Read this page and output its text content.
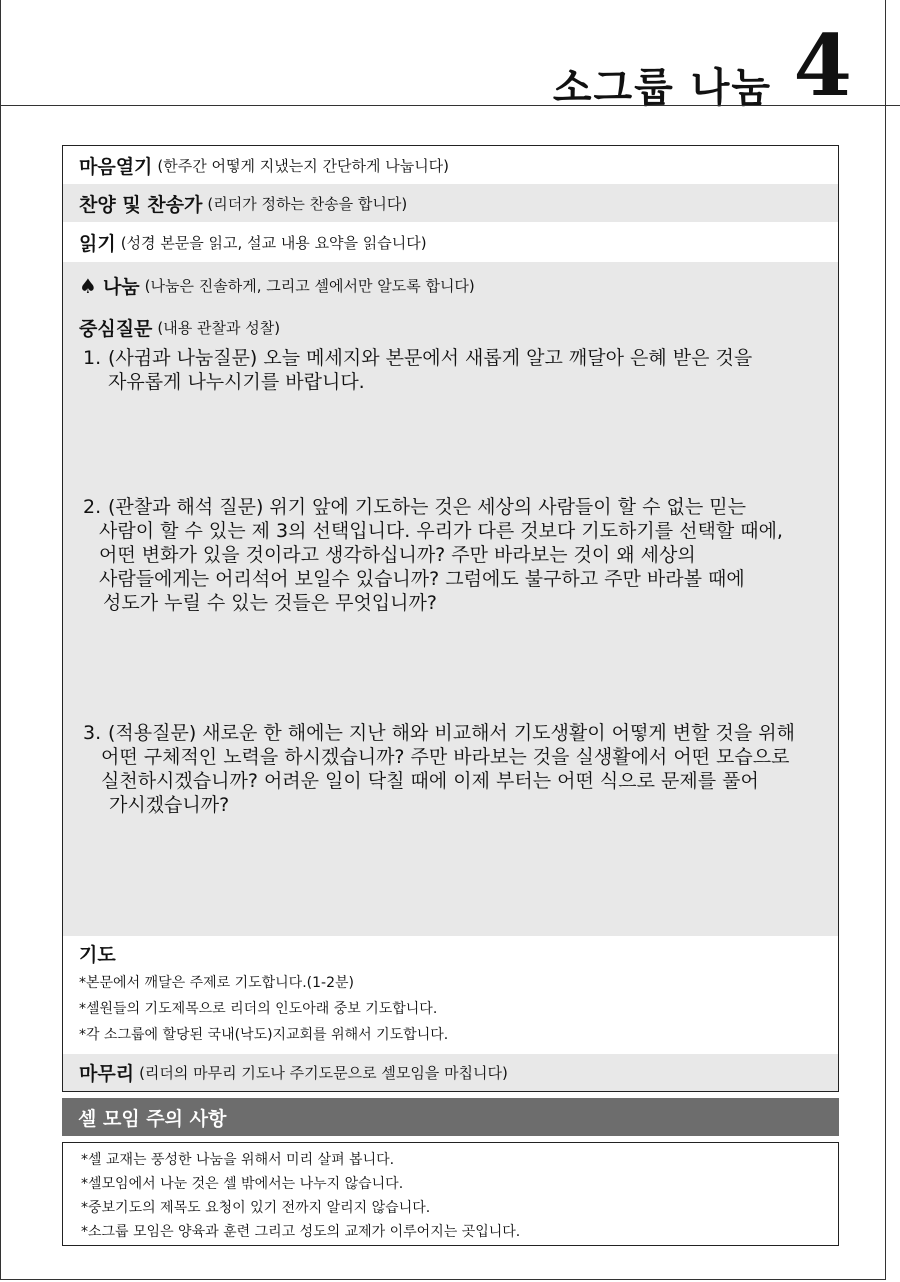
소그룹 나눔 4
마음열기 (한주간 어떻게 지냈는지 간단하게 나눕니다)
찬양 및 찬송가 (리더가 정하는 찬송을 합니다)
읽기 (성경 본문을 읽고, 설교 내용 요약을 읽습니다)
♠ 나눔 (나눔은 진솔하게, 그리고 셀에서만 알도록 합니다)
중심질문 (내용 관찰과 성찰)
1. (사귐과 나눔질문) 오늘 메세지와 본문에서 새롭게 알고 깨달아 은혜 받은 것을
자유롭게 나누시기를 바랍니다.
2. (관찰과 해석 질문) 위기 앞에 기도하는 것은 세상의 사람들이 할 수 없는 믿는
사람이 할 수 있는 제 3의 선택입니다. 우리가 다른 것보다 기도하기를 선택할 때에,
어떤 변화가 있을 것이라고 생각하십니까? 주만 바라보는 것이 왜 세상의
사람들에게는 어리석어 보일수 있습니까? 그럼에도 불구하고 주만 바라볼 때에
성도가 누릴 수 있는 것들은 무엇입니까?
3. (적용질문) 새로운 한 해에는 지난 해와 비교해서 기도생활이 어떻게 변할 것을 위해
어떤 구체적인 노력을 하시겠습니까? 주만 바라보는 것을 실생활에서 어떤 모습으로
실천하시겠습니까? 어려운 일이 닥칠 때에 이제 부터는 어떤 식으로 문제를 풀어
가시겠습니까?
기도
*본문에서 깨달은 주제로 기도합니다.(1-2분)
*셀원들의 기도제목으로 리더의 인도아래 중보 기도합니다.
*각 소그룹에 할당된 국내(낙도)지교회를 위해서 기도합니다.
마무리 (리더의 마무리 기도나 주기도문으로 셀모임을 마칩니다)
셀 모임 주의 사항
*셀 교재는 풍성한 나눔을 위해서 미리 살펴 봅니다.
*셀모임에서 나눈 것은 셀 밖에서는 나누지 않습니다.
*중보기도의 제목도 요청이 있기 전까지 알리지 않습니다.
*소그룹 모임은 양육과 훈련 그리고 성도의 교제가 이루어지는 곳입니다.
